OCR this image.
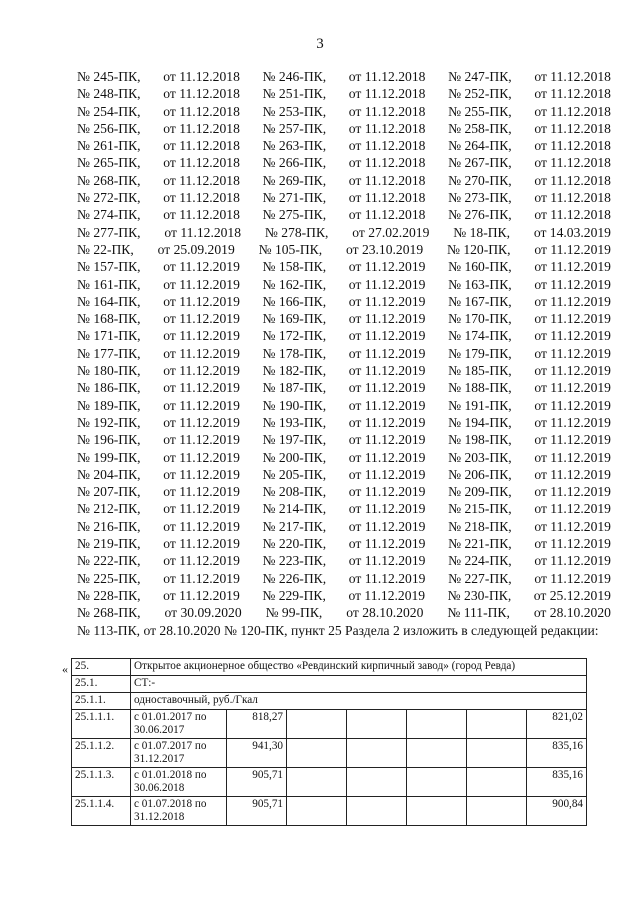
3
№ 245-ПК, от 11.12.2018 № 246-ПК, от 11.12.2018 № 247-ПК, от 11.12.2018
№ 248-ПК, от 11.12.2018 № 251-ПК, от 11.12.2018 № 252-ПК, от 11.12.2018
№ 254-ПК, от 11.12.2018 № 253-ПК, от 11.12.2018 № 255-ПК, от 11.12.2018
№ 256-ПК, от 11.12.2018 № 257-ПК, от 11.12.2018 № 258-ПК, от 11.12.2018
№ 261-ПК, от 11.12.2018 № 263-ПК, от 11.12.2018 № 264-ПК, от 11.12.2018
№ 265-ПК, от 11.12.2018 № 266-ПК, от 11.12.2018 № 267-ПК, от 11.12.2018
№ 268-ПК, от 11.12.2018 № 269-ПК, от 11.12.2018 № 270-ПК, от 11.12.2018
№ 272-ПК, от 11.12.2018 № 271-ПК, от 11.12.2018 № 273-ПК, от 11.12.2018
№ 274-ПК, от 11.12.2018 № 275-ПК, от 11.12.2018 № 276-ПК, от 11.12.2018
№ 277-ПК, от 11.12.2018 № 278-ПК, от 27.02.2019 № 18-ПК, от 14.03.2019
№ 22-ПК, от 25.09.2019 № 105-ПК, от 23.10.2019 № 120-ПК, от 11.12.2019
№ 157-ПК, от 11.12.2019 № 158-ПК, от 11.12.2019 № 160-ПК, от 11.12.2019
№ 161-ПК, от 11.12.2019 № 162-ПК, от 11.12.2019 № 163-ПК, от 11.12.2019
№ 164-ПК, от 11.12.2019 № 166-ПК, от 11.12.2019 № 167-ПК, от 11.12.2019
№ 168-ПК, от 11.12.2019 № 169-ПК, от 11.12.2019 № 170-ПК, от 11.12.2019
№ 171-ПК, от 11.12.2019 № 172-ПК, от 11.12.2019 № 174-ПК, от 11.12.2019
№ 177-ПК, от 11.12.2019 № 178-ПК, от 11.12.2019 № 179-ПК, от 11.12.2019
№ 180-ПК, от 11.12.2019 № 182-ПК, от 11.12.2019 № 185-ПК, от 11.12.2019
№ 186-ПК, от 11.12.2019 № 187-ПК, от 11.12.2019 № 188-ПК, от 11.12.2019
№ 189-ПК, от 11.12.2019 № 190-ПК, от 11.12.2019 № 191-ПК, от 11.12.2019
№ 192-ПК, от 11.12.2019 № 193-ПК, от 11.12.2019 № 194-ПК, от 11.12.2019
№ 196-ПК, от 11.12.2019 № 197-ПК, от 11.12.2019 № 198-ПК, от 11.12.2019
№ 199-ПК, от 11.12.2019 № 200-ПК, от 11.12.2019 № 203-ПК, от 11.12.2019
№ 204-ПК, от 11.12.2019 № 205-ПК, от 11.12.2019 № 206-ПК, от 11.12.2019
№ 207-ПК, от 11.12.2019 № 208-ПК, от 11.12.2019 № 209-ПК, от 11.12.2019
№ 212-ПК, от 11.12.2019 № 214-ПК, от 11.12.2019 № 215-ПК, от 11.12.2019
№ 216-ПК, от 11.12.2019 № 217-ПК, от 11.12.2019 № 218-ПК, от 11.12.2019
№ 219-ПК, от 11.12.2019 № 220-ПК, от 11.12.2019 № 221-ПК, от 11.12.2019
№ 222-ПК, от 11.12.2019 № 223-ПК, от 11.12.2019 № 224-ПК, от 11.12.2019
№ 225-ПК, от 11.12.2019 № 226-ПК, от 11.12.2019 № 227-ПК, от 11.12.2019
№ 228-ПК, от 11.12.2019 № 229-ПК, от 11.12.2019 № 230-ПК, от 25.12.2019
№ 268-ПК, от 30.09.2020 № 99-ПК, от 28.10.2020 № 111-ПК, от 28.10.2020
№ 113-ПК, от 28.10.2020 № 120-ПК, пункт 25 Раздела 2 изложить в следующей редакции:
« 25.	Открытое акционерное общество «Ревдинский кирпичный завод» (город Ревда)						
25.1.	СТ:-						
25.1.1.	одноставочный, руб./Гкал						
25.1.1.1.	с 01.01.2017 по 30.06.2017	818,27					821,02
25.1.1.2.	с 01.07.2017 по 31.12.2017	941,30					835,16
25.1.1.3.	с 01.01.2018 по 30.06.2018	905,71					835,16
25.1.1.4.	с 01.07.2018 по 31.12.2018	905,71					900,84
